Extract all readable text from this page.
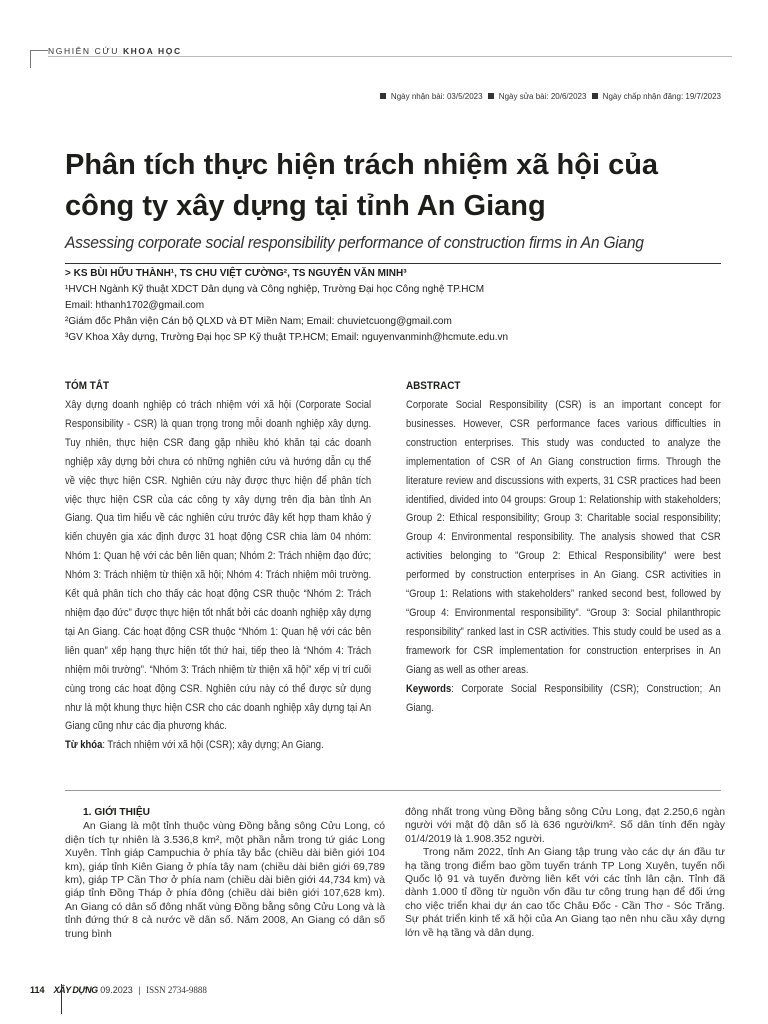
NGHIÊN CỨU KHOA HỌC
Ngày nhận bài: 03/5/2023 Ngày sửa bài: 20/6/2023 Ngày chấp nhận đăng: 19/7/2023
Phân tích thực hiện trách nhiệm xã hội của
công ty xây dựng tại tỉnh An Giang
Assessing corporate social responsibility performance of construction firms in An Giang
> KS BÙI HỮU THÀNH¹, TS CHU VIỆT CƯỜNG², TS NGUYỄN VĂN MINH³
¹HVCH Ngành Kỹ thuật XDCT Dân dụng và Công nghiệp, Trường Đại học Công nghệ TP.HCM
Email: hthanh1702@gmail.com
²Giám đốc Phân viện Cán bộ QLXD và ĐT Miền Nam; Email: chuvietcuong@gmail.com
³GV Khoa Xây dựng, Trường Đại học SP Kỹ thuật TP.HCM; Email: nguyenvanminh@hcmute.edu.vn
TÓM TẮT
Xây dựng doanh nghiệp có trách nhiệm với xã hội (Corporate Social Responsibility - CSR) là quan trọng trong mỗi doanh nghiệp xây dựng. Tuy nhiên, thực hiện CSR đang gặp nhiều khó khăn tại các doanh nghiệp xây dựng bởi chưa có những nghiên cứu và hướng dẫn cụ thể về việc thực hiện CSR. Nghiên cứu này được thực hiện để phân tích việc thực hiện CSR của các công ty xây dựng trên địa bàn tỉnh An Giang. Qua tìm hiểu về các nghiên cứu trước đây kết hợp tham khảo ý kiến chuyên gia xác định được 31 hoạt động CSR chia làm 04 nhóm: Nhóm 1: Quan hệ với các bên liên quan; Nhóm 2: Trách nhiệm đạo đức; Nhóm 3: Trách nhiệm từ thiện xã hội; Nhóm 4: Trách nhiệm môi trường. Kết quả phân tích cho thấy các hoạt động CSR thuộc “Nhóm 2: Trách nhiệm đạo đức” được thực hiện tốt nhất bởi các doanh nghiệp xây dựng tại An Giang. Các hoạt động CSR thuộc “Nhóm 1: Quan hệ với các bên liên quan” xếp hạng thực hiện tốt thứ hai, tiếp theo là “Nhóm 4: Trách nhiệm môi trường”. “Nhóm 3: Trách nhiệm từ thiện xã hội” xếp vị trí cuối cùng trong các hoạt động CSR. Nghiên cứu này có thể được sử dụng như là một khung thực hiện CSR cho các doanh nghiệp xây dựng tại An Giang cũng như các địa phương khác.
Từ khóa: Trách nhiệm với xã hội (CSR); xây dựng; An Giang.
ABSTRACT
Corporate Social Responsibility (CSR) is an important concept for businesses. However, CSR performance faces various difficulties in construction enterprises. This study was conducted to analyze the implementation of CSR of An Giang construction firms. Through the literature review and discussions with experts, 31 CSR practices had been identified, divided into 04 groups: Group 1: Relationship with stakeholders; Group 2: Ethical responsibility; Group 3: Charitable social responsibility; Group 4: Environmental responsibility. The analysis showed that CSR activities belonging to "Group 2: Ethical Responsibility" were best performed by construction enterprises in An Giang. CSR activities in “Group 1: Relations with stakeholders” ranked second best, followed by “Group 4: Environmental responsibility”. “Group 3: Social philanthropic responsibility” ranked last in CSR activities. This study could be used as a framework for CSR implementation for construction enterprises in An Giang as well as other areas.
Keywords: Corporate Social Responsibility (CSR); Construction; An Giang.
1. GIỚI THIỆU

An Giang là một tỉnh thuộc vùng Đồng bằng sông Cửu Long, có diện tích tự nhiên là 3.536,8 km², một phần nằm trong tứ giác Long Xuyên. Tỉnh giáp Campuchia ở phía tây bắc (chiều dài biên giới 104 km), giáp tỉnh Kiên Giang ở phía tây nam (chiều dài biên giới 69,789 km), giáp TP Cần Thơ ở phía nam (chiều dài biên giới 44,734 km) và giáp tỉnh Đồng Tháp ở phía đông (chiều dài biên giới 107,628 km). An Giang có dân số đông nhất vùng Đồng bằng sông Cửu Long và là tỉnh đứng thứ 8 cả nước về dân số. Năm 2008, An Giang có dân số trung bình

đông nhất trong vùng Đồng bằng sông Cửu Long, đạt 2.250,6 ngàn người với mật độ dân số là 636 người/km². Số dân tính đến ngày 01/4/2019 là 1.908.352 người.

Trong năm 2022, tỉnh An Giang tập trung vào các dự án đầu tư hạ tầng trọng điểm bao gồm tuyến tránh TP Long Xuyên, tuyến nối Quốc lộ 91 và tuyến đường liên kết với các tỉnh lân cận. Tỉnh đã dành 1.000 tỉ đồng từ nguồn vốn đầu tư công trung hạn để đối ứng cho việc triển khai dự án cao tốc Châu Đốc - Cần Thơ - Sóc Trăng. Sự phát triển kinh tế xã hội của An Giang tạo nên nhu cầu xây dựng lớn về hạ tầng và dân dụng.

114 XÂY DỰNG 09.2023 | ISSN 2734-9888
